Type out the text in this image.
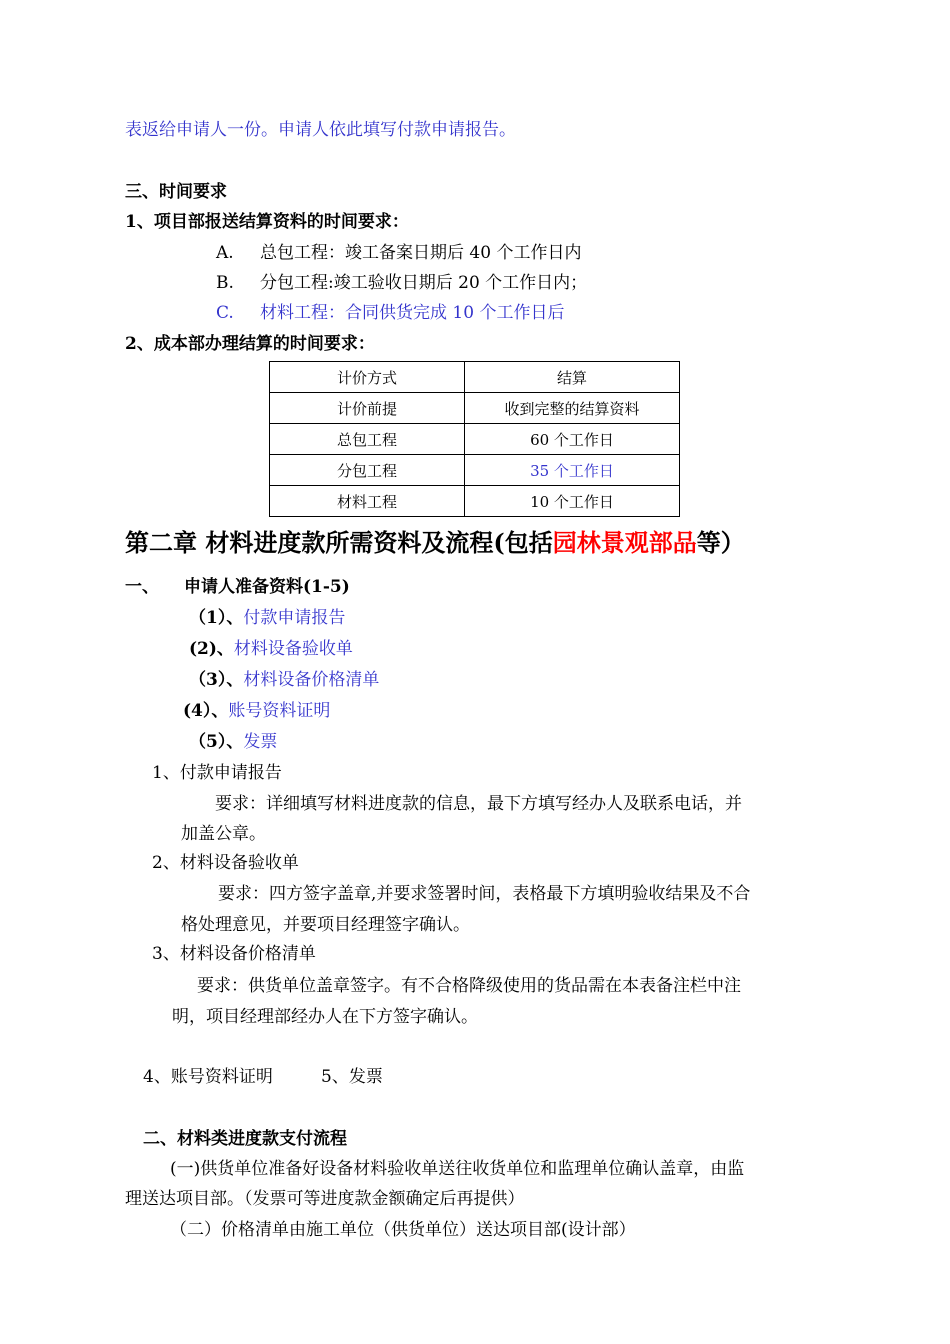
表返给申请人一份。申请人依此填写付款申请报告。
三、时间要求
1、项目部报送结算资料的时间要求：
A. 总包工程：竣工备案日期后 40 个工作日内
B. 分包工程:竣工验收日期后 20 个工作日内；
C. 材料工程：合同供货完成 10 个工作日后
2、成本部办理结算的时间要求：
计价方式	结算
计价前提	收到完整的结算资料
总包工程	60 个工作日
分包工程	35 个工作日
材料工程	10 个工作日
第二章 材料进度款所需资料及流程(包括园林景观部品等）
一、 申请人准备资料(1-5)
（1）、付款申请报告
(2)、材料设备验收单
（3）、材料设备价格清单
(4）、账号资料证明
（5）、发票
1、付款申请报告
要求：详细填写材料进度款的信息，最下方填写经办人及联系电话，并
加盖公章。
2、材料设备验收单
要求：四方签字盖章,并要求签署时间，表格最下方填明验收结果及不合
格处理意见，并要项目经理签字确认。
3、材料设备价格清单
要求：供货单位盖章签字。有不合格降级使用的货品需在本表备注栏中注
明，项目经理部经办人在下方签字确认。
4、账号资料证明	5、发票
二、材料类进度款支付流程
(一)供货单位准备好设备材料验收单送往收货单位和监理单位确认盖章，由监
理送达项目部。（发票可等进度款金额确定后再提供）
（二）价格清单由施工单位（供货单位）送达项目部(设计部）
